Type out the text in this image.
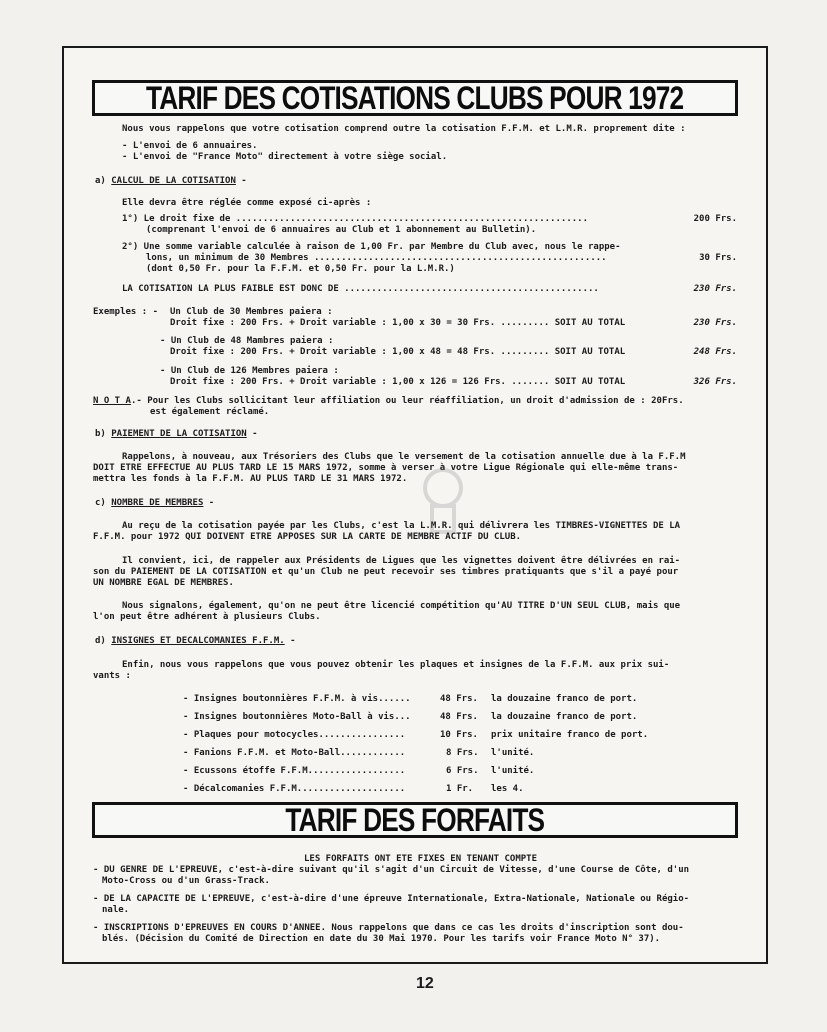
TARIF DES COTISATIONS CLUBS POUR 1972
Nous vous rappelons que votre cotisation comprend outre la cotisation F.F.M. et L.M.R. proprement dite :
- L'envoi de 6 annuaires.
- L'envoi de "France Moto" directement à votre siège social.
a) CALCUL DE LA COTISATION -
Elle devra être réglée comme exposé ci-après :
1°) Le droit fixe de .................................................................	200 Frs.
(comprenant l'envoi de 6 annuaires au Club et 1 abonnement au Bulletin).
2°) Une somme variable calculée à raison de 1,00 Fr. par Membre du Club avec, nous le rappe-
lons, un minimum de 30 Membres ......................................................	30 Frs.
(dont 0,50 Fr. pour la F.F.M. et 0,50 Fr. pour la L.M.R.)
LA COTISATION LA PLUS FAIBLE EST DONC DE ...............................................	230 Frs.
Exemples : - Un Club de 30 Membres paiera :
Droit fixe : 200 Frs. + Droit variable : 1,00 x 30 = 30 Frs. ......... SOIT AU TOTAL	230 Frs.
- Un Club de 48 Mambres paiera :
Droit fixe : 200 Frs. + Droit variable : 1,00 x 48 = 48 Frs. ......... SOIT AU TOTAL	248 Frs.
- Un Club de 126 Membres paiera :
Droit fixe : 200 Frs. + Droit variable : 1,00 x 126 = 126 Frs. ....... SOIT AU TOTAL	326 Frs.
N O T A.- Pour les Clubs sollicitant leur affiliation ou leur réaffiliation, un droit d'admission de : 20Frs.
est également réclamé.
b) PAIEMENT DE LA COTISATION -
Rappelons, à nouveau, aux Trésoriers des Clubs que le versement de la cotisation annuelle due à la F.F.M
DOIT ETRE EFFECTUE AU PLUS TARD LE 15 MARS 1972, somme à verser à votre Ligue Régionale qui elle-même trans-
mettra les fonds à la F.F.M. AU PLUS TARD LE 31 MARS 1972.
c) NOMBRE DE MEMBRES -
Au reçu de la cotisation payée par les Clubs, c'est la L.M.R. qui délivrera les TIMBRES-VIGNETTES DE LA
F.F.M. pour 1972 QUI DOIVENT ETRE APPOSES SUR LA CARTE DE MEMBRE ACTIF DU CLUB.
Il convient, ici, de rappeler aux Présidents de Ligues que les vignettes doivent être délivrées en rai-
son du PAIEMENT DE LA COTISATION et qu'un Club ne peut recevoir ses timbres pratiquants que s'il a payé pour
UN NOMBRE EGAL DE MEMBRES.
Nous signalons, également, qu'on ne peut être licencié compétition qu'AU TITRE D'UN SEUL CLUB, mais que
l'on peut être adhérent à plusieurs Clubs.
d) INSIGNES ET DECALCOMANIES F.F.M. -
Enfin, nous vous rappelons que vous pouvez obtenir les plaques et insignes de la F.F.M. aux prix sui-
vants :
- Insignes boutonnières F.F.M. à vis......	48 Frs. la douzaine franco de port.
- Insignes boutonnières Moto-Ball à vis...	48 Frs. la douzaine franco de port.
- Plaques pour motocycles................	10 Frs. prix unitaire franco de port.
- Fanions F.F.M. et Moto-Ball............	8 Frs. l'unité.
- Ecussons étoffe F.F.M..................	6 Frs. l'unité.
- Décalcomanies F.F.M....................	1 Fr. les 4.
TARIF DES FORFAITS
LES FORFAITS ONT ETE FIXES EN TENANT COMPTE
- DU GENRE DE L'EPREUVE, c'est-à-dire suivant qu'il s'agit d'un Circuit de Vitesse, d'une Course de Côte, d'un
Moto-Cross ou d'un Grass-Track.
- DE LA CAPACITE DE L'EPREUVE, c'est-à-dire d'une épreuve Internationale, Extra-Nationale, Nationale ou Régio-
nale.
- INSCRIPTIONS D'EPREUVES EN COURS D'ANNEE. Nous rappelons que dans ce cas les droits d'inscription sont dou-
blés. (Décision du Comité de Direction en date du 30 Mai 1970. Pour les tarifs voir France Moto N° 37).
12
